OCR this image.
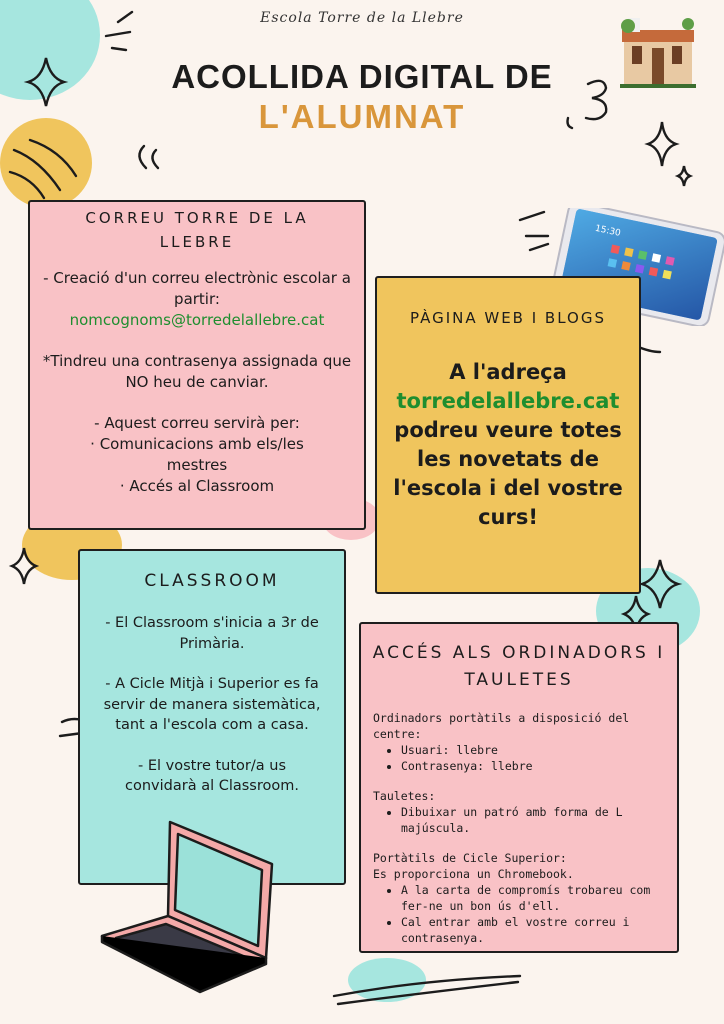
Escola Torre de la Llebre
ACOLLIDA DIGITAL DE
L'ALUMNAT
15:30
CORREU TORRE DE LA LLEBRE
- Creació d'un correu electrònic escolar a partir:
nomcognoms@torredelallebre.cat
*Tindreu una contrasenya assignada que NO heu de canviar.
- Aquest correu servirà per:
· Comunicacions amb els/les mestres
· Accés al Classroom
PÀGINA WEB I BLOGS
A l'adreça
torredelallebre.cat
podreu veure totes les novetats de l'escola i del vostre curs!
CLASSROOM
- El Classroom s'inicia a 3r de Primària.
- A Cicle Mitjà i Superior es fa servir de manera sistemàtica, tant a l'escola com a casa.
- El vostre tutor/a us convidarà al Classroom.
ACCÉS ALS ORDINADORS I TAULETES
Ordinadors portàtils a disposició del centre:
• Usuari: llebre
• Contrasenya: llebre
Tauletes:
• Dibuixar un patró amb forma de L majúscula.
Portàtils de Cicle Superior:
Es proporciona un Chromebook.
• A la carta de compromís trobareu com fer-ne un bon ús d'ell.
• Cal entrar amb el vostre correu i contrasenya.
